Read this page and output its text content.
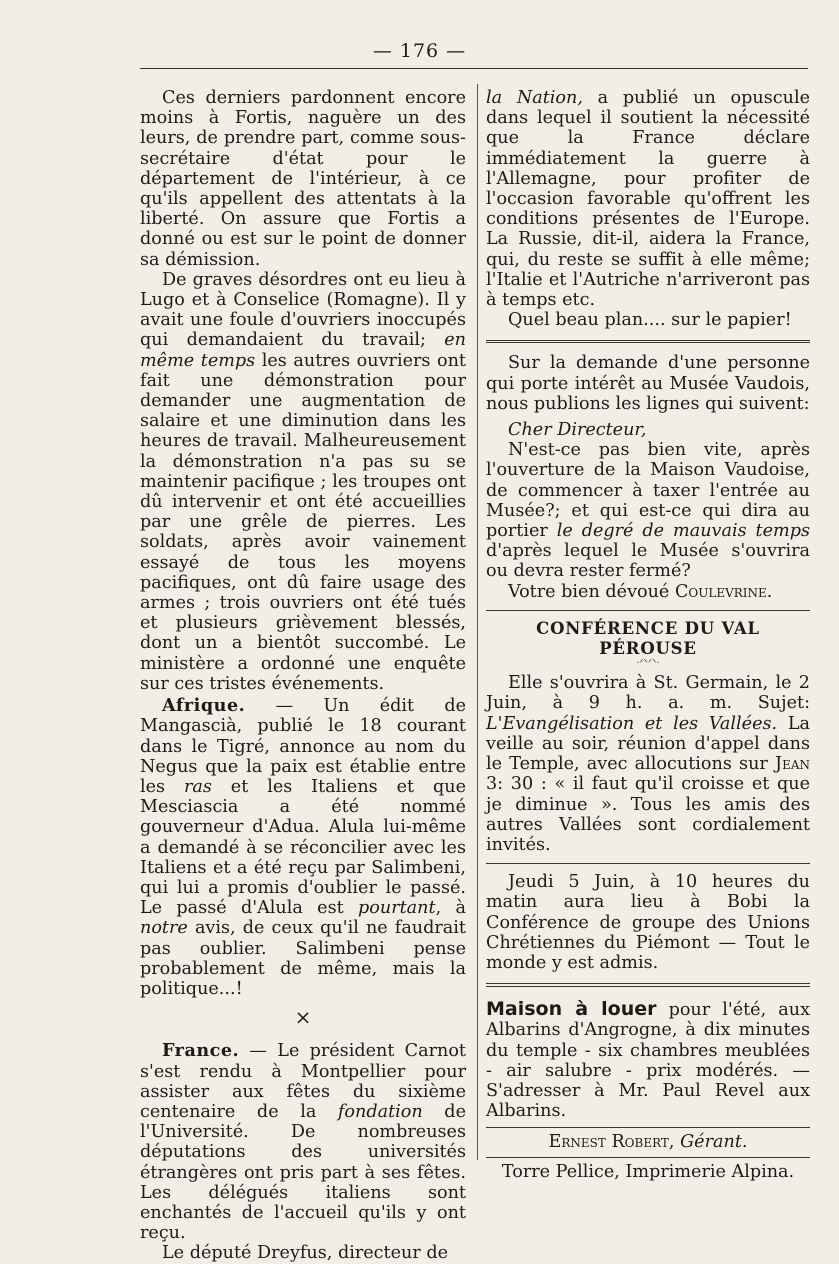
— 176 —

Ces derniers pardonnent encore moins à Fortis, naguère un des leurs, de prendre part, comme sous-secrétaire d'état pour le département de l'intérieur, à ce qu'ils appellent des attentats à la liberté. On assure que Fortis a donné ou est sur le point de donner sa démission.

De graves désordres ont eu lieu à Lugo et à Conselice (Romagne). Il y avait une foule d'ouvriers inoccupés qui demandaient du travail; en même temps les autres ouvriers ont fait une démonstration pour demander une augmentation de salaire et une diminution dans les heures de travail. Malheureusement la démonstration n'a pas su se maintenir pacifique ; les troupes ont dû intervenir et ont été accueillies par une grêle de pierres. Les soldats, après avoir vainement essayé de tous les moyens pacifiques, ont dû faire usage des armes ; trois ouvriers ont été tués et plusieurs grièvement blessés, dont un a bientôt succombé. Le ministère a ordonné une enquête sur ces tristes événements.

Afrique. — Un édit de Mangascià, publié le 18 courant dans le Tigré, annonce au nom du Negus que la paix est établie entre les ras et les Italiens et que Mesciascia a été nommé gouverneur d'Adua. Alula lui-même a demandé à se réconcilier avec les Italiens et a été reçu par Salimbeni, qui lui a promis d'oublier le passé. Le passé d'Alula est pourtant, à notre avis, de ceux qu'il ne faudrait pas oublier. Salimbeni pense probablement de même, mais la politique...!

×

France. — Le président Carnot s'est rendu à Montpellier pour assister aux fêtes du sixième centenaire de la fondation de l'Université. De nombreuses députations des universités étrangères ont pris part à ses fêtes. Les délégués italiens sont enchantés de l'accueil qu'ils y ont reçu.

Le député Dreyfus, directeur de

la Nation, a publié un opuscule dans lequel il soutient la nécessité que la France déclare immédiatement la guerre à l'Allemagne, pour profiter de l'occasion favorable qu'offrent les conditions présentes de l'Europe. La Russie, dit-il, aidera la France, qui, du reste se suffit à elle même; l'Italie et l'Autriche n'arriveront pas à temps etc.

Quel beau plan.... sur le papier!

Sur la demande d'une personne qui porte intérêt au Musée Vaudois, nous publions les lignes qui suivent:

Cher Directeur,

N'est-ce pas bien vite, après l'ouverture de la Maison Vaudoise, de commencer à taxer l'entrée au Musée?; et qui est-ce qui dira au portier le degré de mauvais temps d'après lequel le Musée s'ouvrira ou devra rester fermé?

Votre bien dévoué Coulevrine.

CONFÉRENCE DU VAL PÉROUSE
·ᐟᐠᐟᐠ·

Elle s'ouvrira à St. Germain, le 2 Juin, à 9 h. a. m. Sujet: L'Evangélisation et les Vallées. La veille au soir, réunion d'appel dans le Temple, avec allocutions sur Jean 3: 30 : « il faut qu'il croisse et que je diminue ». Tous les amis des autres Vallées sont cordialement invités.

Jeudi 5 Juin, à 10 heures du matin aura lieu à Bobi la Conférence de groupe des Unions Chrétiennes du Piémont — Tout le monde y est admis.

Maison à louer pour l'été, aux Albarins d'Angrogne, à dix minutes du temple - six chambres meublées - air salubre - prix modérés. — S'adresser à Mr. Paul Revel aux Albarins.

Ernest Robert, Gérant.
Torre Pellice, Imprimerie Alpina.
